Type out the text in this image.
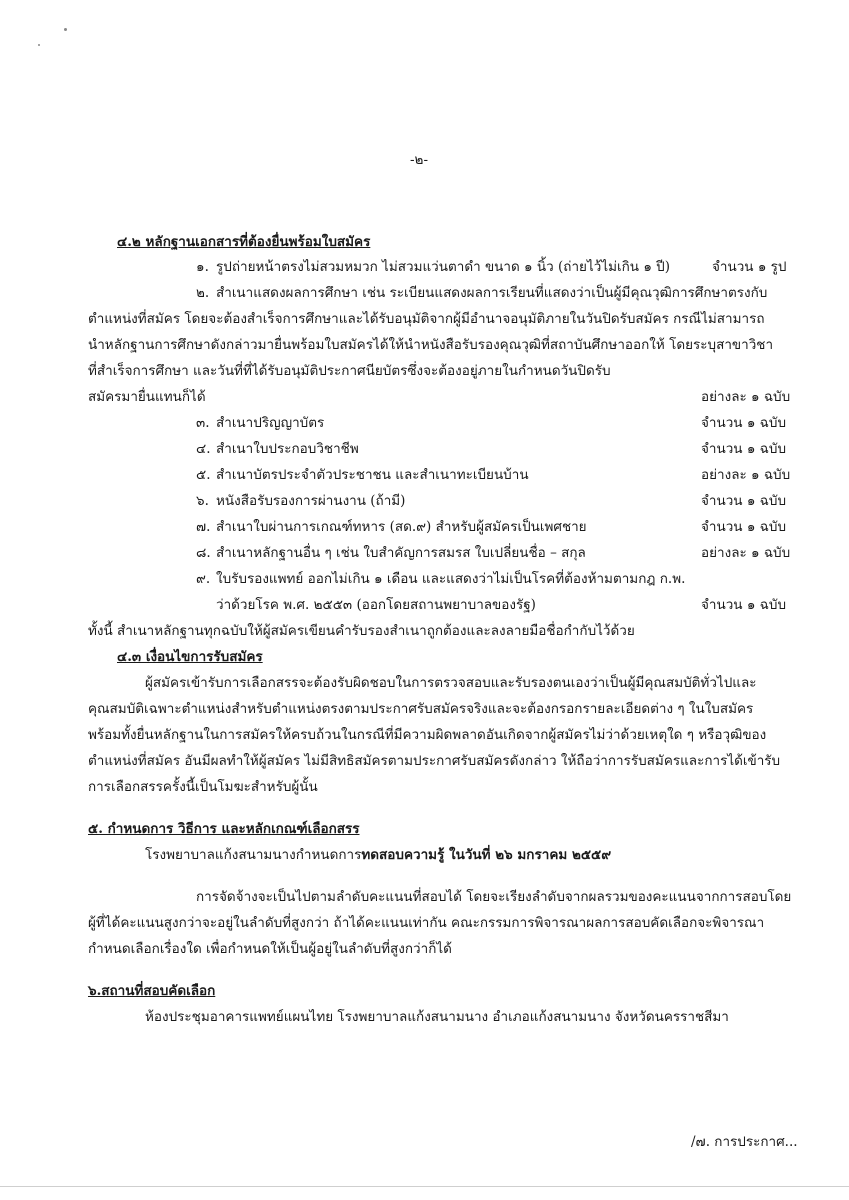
-๒-
๔.๒ หลักฐานเอกสารที่ต้องยื่นพร้อมใบสมัคร
๑. รูปถ่ายหน้าตรงไม่สวมหมวก ไม่สวมแว่นตาดำ ขนาด ๑ นิ้ว (ถ่ายไว้ไม่เกิน ๑ ปี)	จำนวน ๑ รูป
๒. สำเนาแสดงผลการศึกษา เช่น ระเบียนแสดงผลการเรียนที่แสดงว่าเป็นผู้มีคุณวุฒิการศึกษาตรงกับ
ตำแหน่งที่สมัคร โดยจะต้องสำเร็จการศึกษาและได้รับอนุมัติจากผู้มีอำนาจอนุมัติภายในวันปิดรับสมัคร กรณีไม่สามารถ
นำหลักฐานการศึกษาดังกล่าวมายื่นพร้อมใบสมัครได้ให้นำหนังสือรับรองคุณวุฒิที่สถาบันศึกษาออกให้ โดยระบุสาขาวิชา
ที่สำเร็จการศึกษา และวันที่ที่ได้รับอนุมัติประกาศนียบัตรซึ่งจะต้องอยู่ภายในกำหนดวันปิดรับ
สมัครมายื่นแทนก็ได้	อย่างละ ๑ ฉบับ
๓. สำเนาปริญญาบัตร	จำนวน ๑ ฉบับ
๔. สำเนาใบประกอบวิชาชีพ	จำนวน ๑ ฉบับ
๕. สำเนาบัตรประจำตัวประชาชน และสำเนาทะเบียนบ้าน	อย่างละ ๑ ฉบับ
๖. หนังสือรับรองการผ่านงาน (ถ้ามี)	จำนวน ๑ ฉบับ
๗. สำเนาใบผ่านการเกณฑ์ทหาร (สด.๙) สำหรับผู้สมัครเป็นเพศชาย	จำนวน ๑ ฉบับ
๘. สำเนาหลักฐานอื่น ๆ เช่น ใบสำคัญการสมรส ใบเปลี่ยนชื่อ – สกุล	อย่างละ ๑ ฉบับ
๙. ใบรับรองแพทย์ ออกไม่เกิน ๑ เดือน และแสดงว่าไม่เป็นโรคที่ต้องห้ามตามกฎ ก.พ.
ว่าด้วยโรค พ.ศ. ๒๕๕๓ (ออกโดยสถานพยาบาลของรัฐ)	จำนวน ๑ ฉบับ
ทั้งนี้ สำเนาหลักฐานทุกฉบับให้ผู้สมัครเขียนคำรับรองสำเนาถูกต้องและลงลายมือชื่อกำกับไว้ด้วย
๔.๓ เงื่อนไขการรับสมัคร
ผู้สมัครเข้ารับการเลือกสรรจะต้องรับผิดชอบในการตรวจสอบและรับรองตนเองว่าเป็นผู้มีคุณสมบัติทั่วไปและ
คุณสมบัติเฉพาะตำแหน่งสำหรับตำแหน่งตรงตามประกาศรับสมัครจริงและจะต้องกรอกรายละเอียดต่าง ๆ ในใบสมัคร
พร้อมทั้งยื่นหลักฐานในการสมัครให้ครบถ้วนในกรณีที่มีความผิดพลาดอันเกิดจากผู้สมัครไม่ว่าด้วยเหตุใด ๆ หรือวุฒิของ
ตำแหน่งที่สมัคร อันมีผลทำให้ผู้สมัคร ไม่มีสิทธิสมัครตามประกาศรับสมัครดังกล่าว ให้ถือว่าการรับสมัครและการได้เข้ารับ
การเลือกสรรครั้งนี้เป็นโมฆะสำหรับผู้นั้น
๕. กำหนดการ วิธีการ และหลักเกณฑ์เลือกสรร
โรงพยาบาลแก้งสนามนางกำหนดการทดสอบความรู้ ในวันที่ ๒๖ มกราคม ๒๕๕๙
การจัดจ้างจะเป็นไปตามลำดับคะแนนที่สอบได้ โดยจะเรียงลำดับจากผลรวมของคะแนนจากการสอบโดย
ผู้ที่ได้คะแนนสูงกว่าจะอยู่ในลำดับที่สูงกว่า ถ้าได้คะแนนเท่ากัน คณะกรรมการพิจารณาผลการสอบคัดเลือกจะพิจารณา
กำหนดเลือกเรื่องใด เพื่อกำหนดให้เป็นผู้อยู่ในลำดับที่สูงกว่าก็ได้
๖.สถานที่สอบคัดเลือก
ห้องประชุมอาคารแพทย์แผนไทย โรงพยาบาลแก้งสนามนาง อำเภอแก้งสนามนาง จังหวัดนครราชสีมา
/๗. การประกาศ...
